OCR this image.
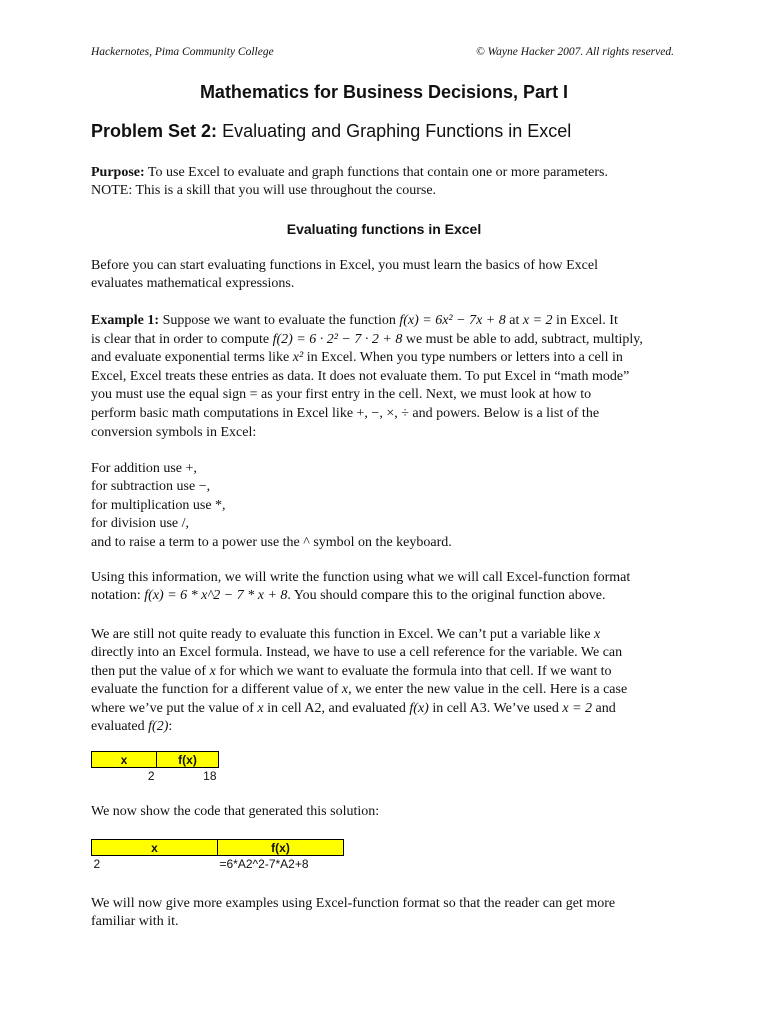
Hackernotes, Pima Community College	© Wayne Hacker 2007. All rights reserved.
Mathematics for Business Decisions, Part I
Problem Set 2: Evaluating and Graphing Functions in Excel
Purpose: To use Excel to evaluate and graph functions that contain one or more parameters.
NOTE: This is a skill that you will use throughout the course.
Evaluating functions in Excel
Before you can start evaluating functions in Excel, you must learn the basics of how Excel
evaluates mathematical expressions.
Example 1: Suppose we want to evaluate the function f(x) = 6x² − 7x + 8 at x = 2 in Excel. It
is clear that in order to compute f(2) = 6 · 2² − 7 · 2 + 8 we must be able to add, subtract, multiply,
and evaluate exponential terms like x² in Excel. When you type numbers or letters into a cell in
Excel, Excel treats these entries as data. It does not evaluate them. To put Excel in “math mode”
you must use the equal sign = as your first entry in the cell. Next, we must look at how to
perform basic math computations in Excel like +, −, ×, ÷ and powers. Below is a list of the
conversion symbols in Excel:

For addition use +,

for subtraction use −,

for multiplication use *,

for division use /,

and to raise a term to a power use the ^ symbol on the keyboard.

Using this information, we will write the function using what we will call Excel-function format
notation: f(x) = 6 * x^2 − 7 * x + 8. You should compare this to the original function above.
We are still not quite ready to evaluate this function in Excel. We can’t put a variable like x
directly into an Excel formula. Instead, we have to use a cell reference for the variable. We can
then put the value of x for which we want to evaluate the formula into that cell. If we want to
evaluate the function for a different value of x, we enter the new value in the cell. Here is a case
where we’ve put the value of x in cell A2, and evaluated f(x) in cell A3. We’ve used x = 2 and
evaluated f(2):
x	f(x)
2	18
We now show the code that generated this solution:
x	f(x)
2	=6*A2^2-7*A2+8
We will now give more examples using Excel-function format so that the reader can get more
familiar with it.
